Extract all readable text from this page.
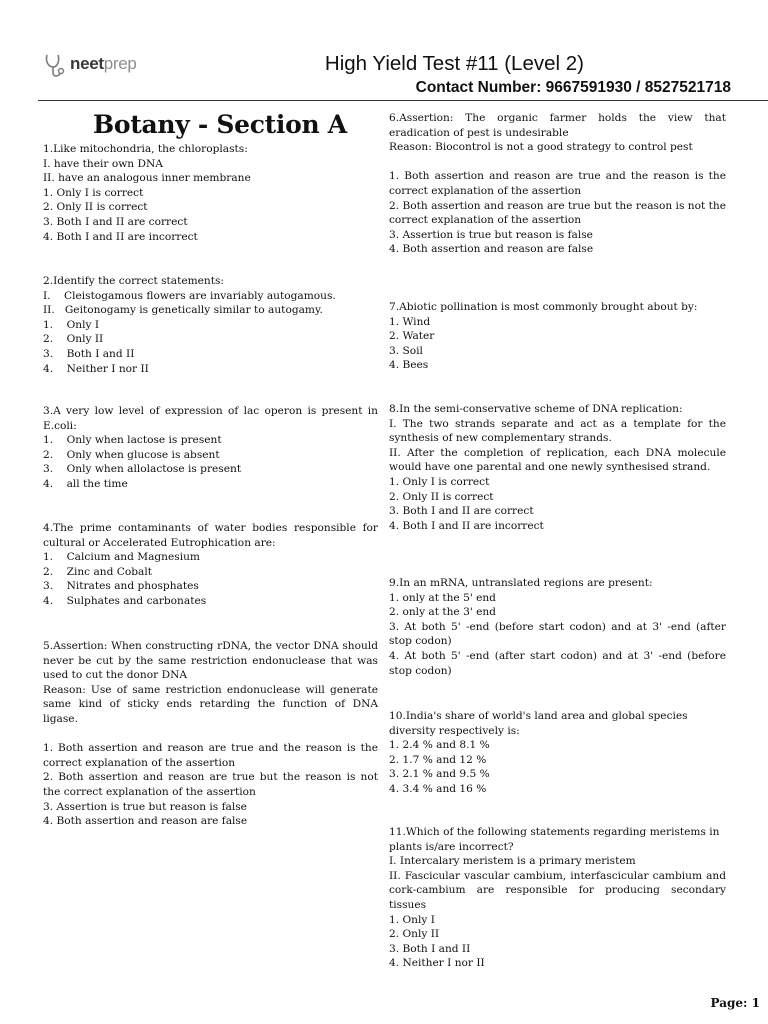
neetprep	High Yield Test #11 (Level 2)
Contact Number: 9667591930 / 8527521718
Botany - Section A

1.Like mitochondria, the chloroplasts:

I. have their own DNA

II. have an analogous inner membrane

1. Only I is correct

2. Only II is correct

3. Both I and II are correct

4. Both I and II are incorrect

2.Identify the correct statements:

I.    Cleistogamous flowers are invariably autogamous.

II.   Geitonogamy is genetically similar to autogamy.

1.    Only I

2.    Only II

3.    Both I and II

4.    Neither I nor II

3.A very low level of expression of lac operon is present in E.coli:

1.    Only when lactose is present

2.    Only when glucose is absent

3.    Only when allolactose is present

4.    all the time

4.The prime contaminants of water bodies responsible for cultural or Accelerated Eutrophication are:

1.    Calcium and Magnesium

2.    Zinc and Cobalt

3.    Nitrates and phosphates

4.    Sulphates and carbonates

5.Assertion: When constructing rDNA, the vector DNA should never be cut by the same restriction endonuclease that was used to cut the donor DNA

Reason: Use of same restriction endonuclease will generate same kind of sticky ends retarding the function of DNA ligase.

1. Both assertion and reason are true and the reason is the correct explanation of the assertion

2. Both assertion and reason are true but the reason is not the correct explanation of the assertion

3. Assertion is true but reason is false

4. Both assertion and reason are false

6.Assertion: The organic farmer holds the view that eradication of pest is undesirable

Reason: Biocontrol is not a good strategy to control pest

1. Both assertion and reason are true and the reason is the correct explanation of the assertion

2. Both assertion and reason are true but the reason is not the correct explanation of the assertion

3. Assertion is true but reason is false

4. Both assertion and reason are false

7.Abiotic pollination is most commonly brought about by:

1. Wind

2. Water

3. Soil

4. Bees

8.In the semi-conservative scheme of DNA replication:

I. The two strands separate and act as a template for the synthesis of new complementary strands.

II. After the completion of replication, each DNA molecule would have one parental and one newly synthesised strand.

1. Only I is correct

2. Only II is correct

3. Both I and II are correct

4. Both I and II are incorrect

9.In an mRNA, untranslated regions are present:

1. only at the 5' end

2. only at the 3' end

3. At both 5' -end (before start codon) and at 3' -end (after stop codon)

4. At both 5' -end (after start codon) and at 3' -end (before stop codon)

10.India's share of world's land area and global species diversity respectively is:

1. 2.4 % and 8.1 %

2. 1.7 % and 12 %

3. 2.1 % and 9.5 %

4. 3.4 % and 16 %

11.Which of the following statements regarding meristems in plants is/are incorrect?

I. Intercalary meristem is a primary meristem

II. Fascicular vascular cambium, interfascicular cambium and cork-cambium are responsible for producing secondary tissues

1. Only I

2. Only II

3. Both I and II

4. Neither I nor II

Page: 1
